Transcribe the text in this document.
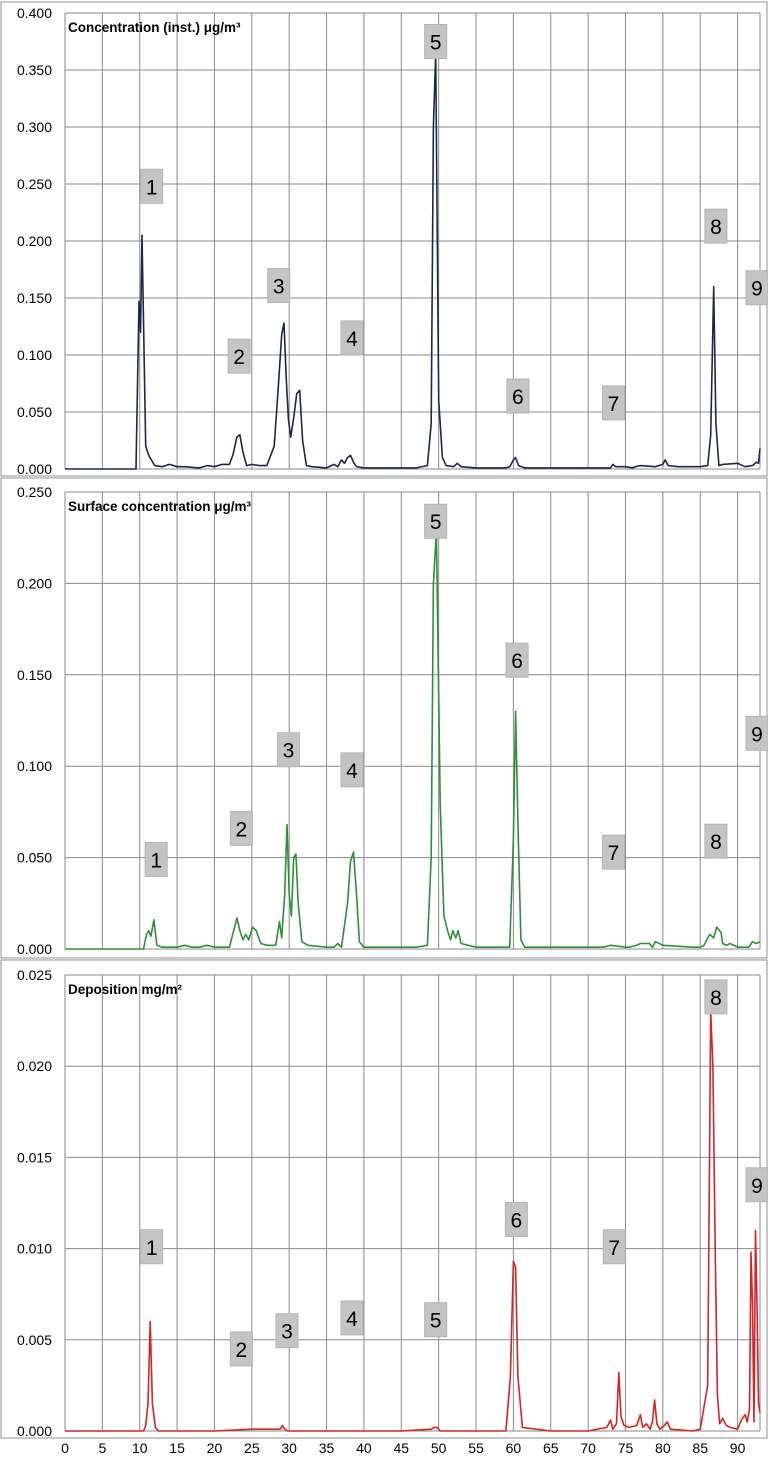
0.000
0.050
0.100
0.150
0.200
0.250
0.300
0.350
0.400
Concentration (inst.) μg/m³
1
2
3
4
5
6	7
8
9
0.000
0.050
0.100
0.150
0.200
0.250
Surface concentration μg/m³
1
2
3
4
5
6
7	8
9
0.000
0.005
0.010
0.015
0.020
0.025
0 5 10 15 20 25 30 35 40 45 50 55 60 65 70 75 80 85 90
Deposition mg/m²
1
2
3
4	5
6
7
8
9
